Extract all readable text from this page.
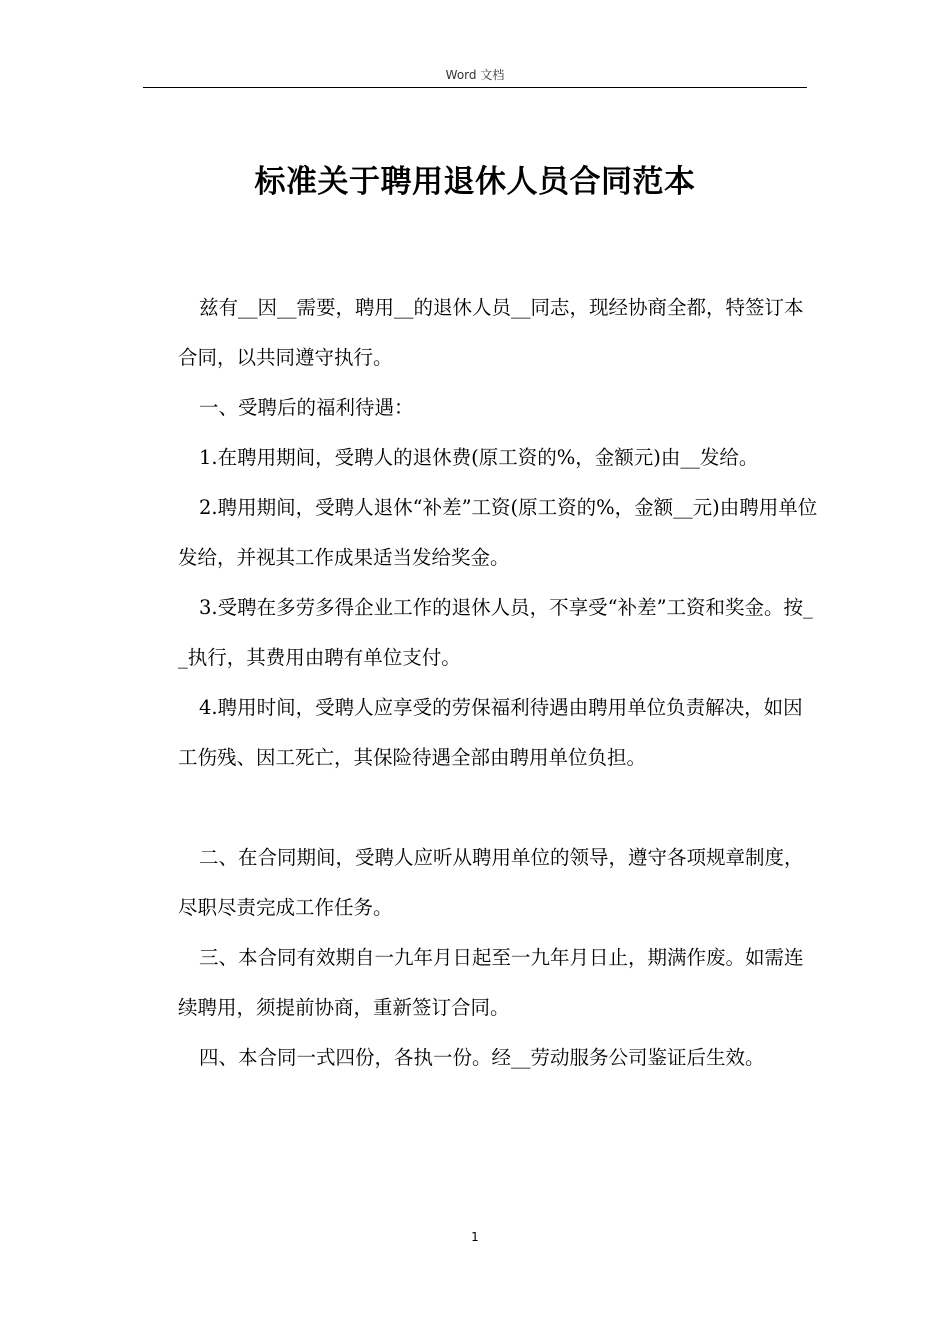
Word 文档
标准关于聘用退休人员合同范本

兹有__因__需要，聘用__的退休人员__同志，现经协商全都，特签订本合同，以共同遵守执行。

一、受聘后的福利待遇：

1.在聘用期间，受聘人的退休费(原工资的%，金额元)由__发给。

2.聘用期间，受聘人退休“补差”工资(原工资的%，金额__元)由聘用单位发给，并视其工作成果适当发给奖金。

3.受聘在多劳多得企业工作的退休人员，不享受“补差”工资和奖金。按__执行，其费用由聘有单位支付。

4.聘用时间，受聘人应享受的劳保福利待遇由聘用单位负责解决，如因工伤残、因工死亡，其保险待遇全部由聘用单位负担。

二、在合同期间，受聘人应听从聘用单位的领导，遵守各项规章制度，尽职尽责完成工作任务。

三、本合同有效期自一九年月日起至一九年月日止，期满作废。如需连续聘用，须提前协商，重新签订合同。

四、本合同一式四份，各执一份。经__劳动服务公司鉴证后生效。

1
